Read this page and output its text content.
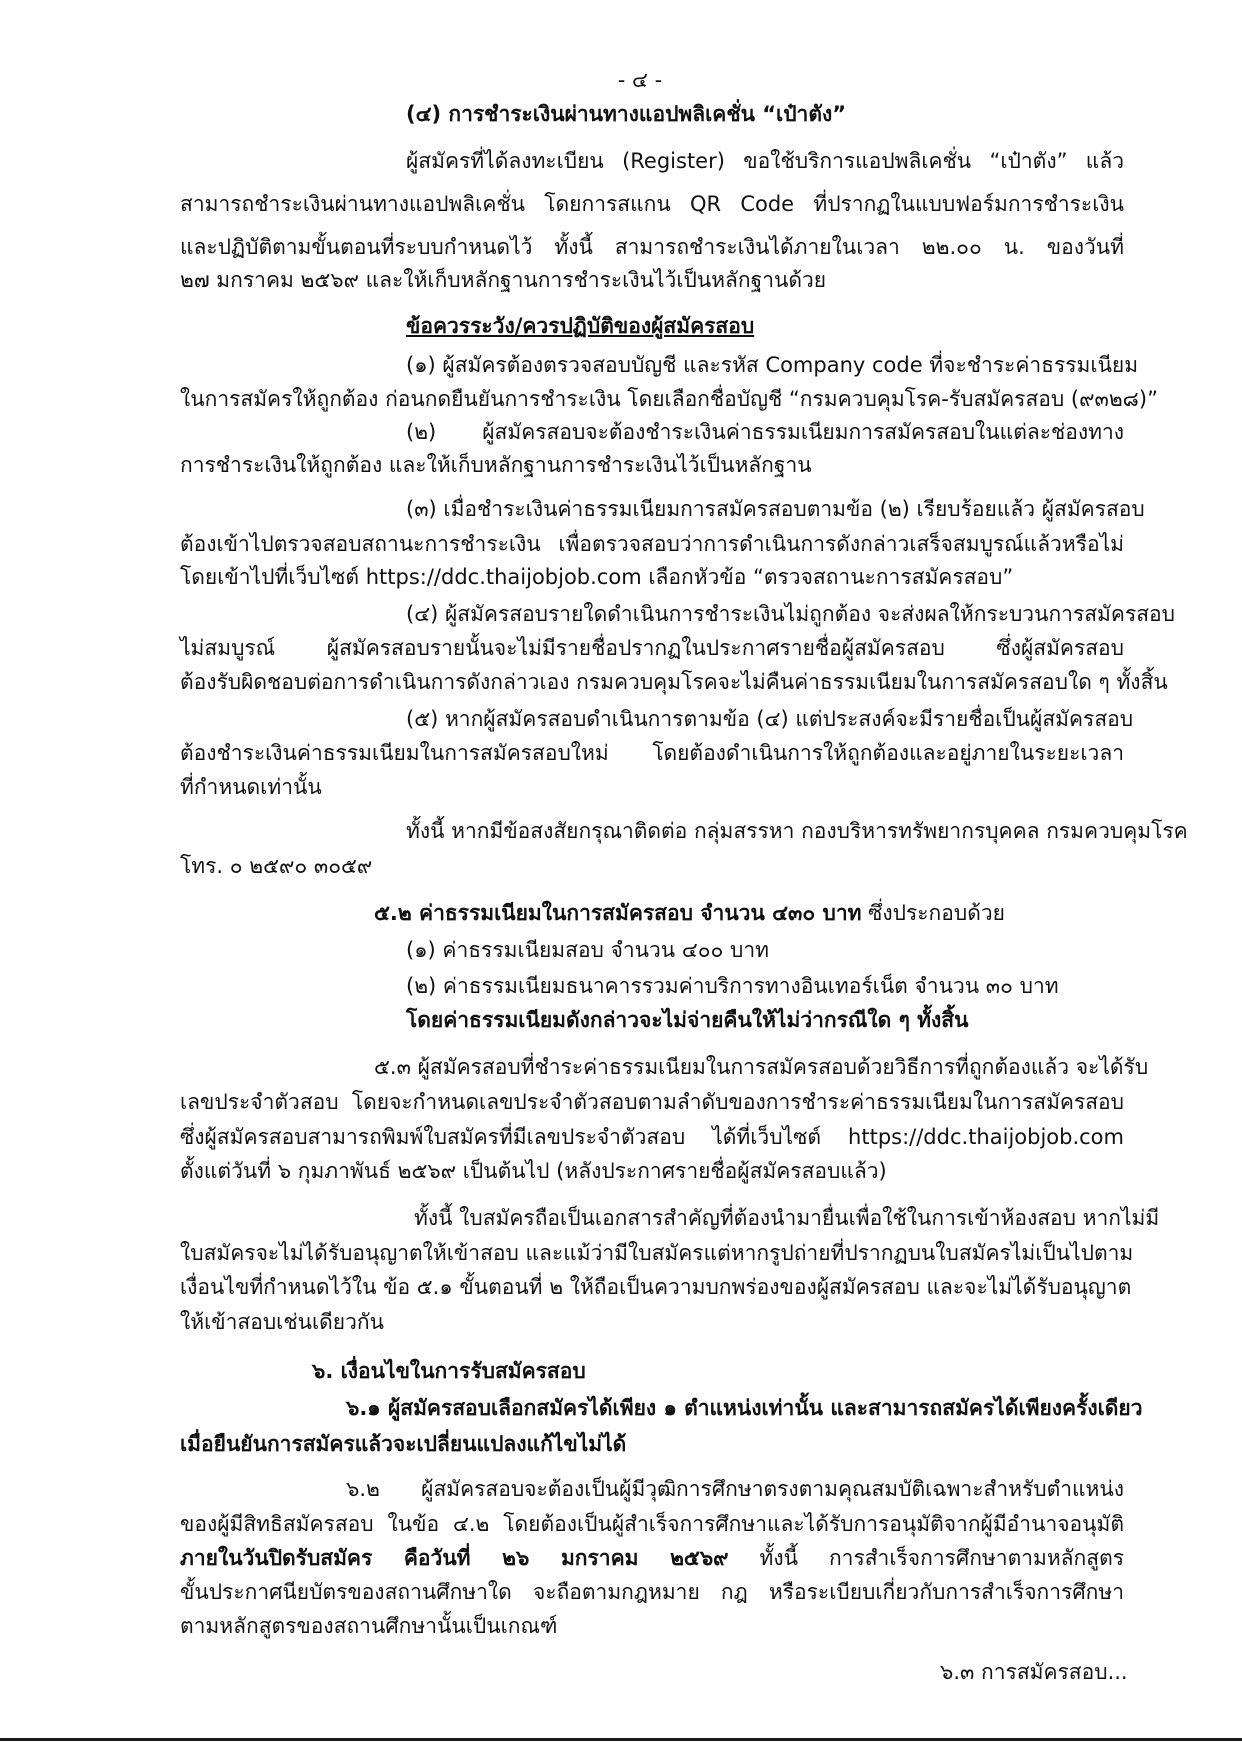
- ๔ -

(๔) การชำระเงินผ่านทางแอปพลิเคชั่น “เป๋าตัง”

ผู้สมัครที่ได้ลงทะเบียน (Register) ขอใช้บริการแอปพลิเคชั่น “เป๋าตัง” แล้ว

สามารถชำระเงินผ่านทางแอปพลิเคชั่น โดยการสแกน QR Code ที่ปรากฏในแบบฟอร์มการชำระเงิน

และปฏิบัติตามขั้นตอนที่ระบบกำหนดไว้ ทั้งนี้ สามารถชำระเงินได้ภายในเวลา ๒๒.๐๐ น. ของวันที่

๒๗ มกราคม ๒๕๖๙ และให้เก็บหลักฐานการชำระเงินไว้เป็นหลักฐานด้วย

ข้อควรระวัง/ควรปฏิบัติของผู้สมัครสอบ

(๑) ผู้สมัครต้องตรวจสอบบัญชี และรหัส Company code ที่จะชำระค่าธรรมเนียม

ในการสมัครให้ถูกต้อง ก่อนกดยืนยันการชำระเงิน โดยเลือกชื่อบัญชี “กรมควบคุมโรค-รับสมัครสอบ (๙๓๒๘)”

(๒) ผู้สมัครสอบจะต้องชำระเงินค่าธรรมเนียมการสมัครสอบในแต่ละช่องทาง

การชำระเงินให้ถูกต้อง และให้เก็บหลักฐานการชำระเงินไว้เป็นหลักฐาน

(๓) เมื่อชำระเงินค่าธรรมเนียมการสมัครสอบตามข้อ (๒) เรียบร้อยแล้ว ผู้สมัครสอบ

ต้องเข้าไปตรวจสอบสถานะการชำระเงิน เพื่อตรวจสอบว่าการดำเนินการดังกล่าวเสร็จสมบูรณ์แล้วหรือไม่

โดยเข้าไปที่เว็บไซต์ https://ddc.thaijobjob.com เลือกหัวข้อ “ตรวจสถานะการสมัครสอบ”

(๔) ผู้สมัครสอบรายใดดำเนินการชำระเงินไม่ถูกต้อง จะส่งผลให้กระบวนการสมัครสอบ

ไม่สมบูรณ์ ผู้สมัครสอบรายนั้นจะไม่มีรายชื่อปรากฏในประกาศรายชื่อผู้สมัครสอบ ซึ่งผู้สมัครสอบ

ต้องรับผิดชอบต่อการดำเนินการดังกล่าวเอง กรมควบคุมโรคจะไม่คืนค่าธรรมเนียมในการสมัครสอบใด ๆ ทั้งสิ้น

(๕) หากผู้สมัครสอบดำเนินการตามข้อ (๔) แต่ประสงค์จะมีรายชื่อเป็นผู้สมัครสอบ

ต้องชำระเงินค่าธรรมเนียมในการสมัครสอบใหม่ โดยต้องดำเนินการให้ถูกต้องและอยู่ภายในระยะเวลา

ที่กำหนดเท่านั้น

ทั้งนี้ หากมีข้อสงสัยกรุณาติดต่อ กลุ่มสรรหา กองบริหารทรัพยากรบุคคล กรมควบคุมโรค

โทร. ๐ ๒๕๙๐ ๓๐๕๙

๕.๒ ค่าธรรมเนียมในการสมัครสอบ จำนวน ๔๓๐ บาท ซึ่งประกอบด้วย

(๑) ค่าธรรมเนียมสอบ จำนวน ๔๐๐ บาท

(๒) ค่าธรรมเนียมธนาคารรวมค่าบริการทางอินเทอร์เน็ต จำนวน ๓๐ บาท

โดยค่าธรรมเนียมดังกล่าวจะไม่จ่ายคืนให้ไม่ว่ากรณีใด ๆ ทั้งสิ้น

๕.๓ ผู้สมัครสอบที่ชำระค่าธรรมเนียมในการสมัครสอบด้วยวิธีการที่ถูกต้องแล้ว จะได้รับ

เลขประจำตัวสอบ โดยจะกำหนดเลขประจำตัวสอบตามลำดับของการชำระค่าธรรมเนียมในการสมัครสอบ

ซึ่งผู้สมัครสอบสามารถพิมพ์ใบสมัครที่มีเลขประจำตัวสอบ ได้ที่เว็บไซต์ https://ddc.thaijobjob.com

ตั้งแต่วันที่ ๖ กุมภาพันธ์ ๒๕๖๙ เป็นต้นไป (หลังประกาศรายชื่อผู้สมัครสอบแล้ว)

ทั้งนี้ ใบสมัครถือเป็นเอกสารสำคัญที่ต้องนำมายื่นเพื่อใช้ในการเข้าห้องสอบ หากไม่มี

ใบสมัครจะไม่ได้รับอนุญาตให้เข้าสอบ และแม้ว่ามีใบสมัครแต่หากรูปถ่ายที่ปรากฏบนใบสมัครไม่เป็นไปตาม

เงื่อนไขที่กำหนดไว้ใน ข้อ ๕.๑ ขั้นตอนที่ ๒ ให้ถือเป็นความบกพร่องของผู้สมัครสอบ และจะไม่ได้รับอนุญาต

ให้เข้าสอบเช่นเดียวกัน

๖. เงื่อนไขในการรับสมัครสอบ

๖.๑ ผู้สมัครสอบเลือกสมัครได้เพียง ๑ ตำแหน่งเท่านั้น และสามารถสมัครได้เพียงครั้งเดียว

เมื่อยืนยันการสมัครแล้วจะเปลี่ยนแปลงแก้ไขไม่ได้

๖.๒ ผู้สมัครสอบจะต้องเป็นผู้มีวุฒิการศึกษาตรงตามคุณสมบัติเฉพาะสำหรับตำแหน่ง

ของผู้มีสิทธิสมัครสอบ ในข้อ ๔.๒ โดยต้องเป็นผู้สำเร็จการศึกษาและได้รับการอนุมัติจากผู้มีอำนาจอนุมัติ

ภายในวันปิดรับสมัคร คือวันที่ ๒๖ มกราคม ๒๕๖๙ ทั้งนี้ การสำเร็จการศึกษาตามหลักสูตร

ขั้นประกาศนียบัตรของสถานศึกษาใด จะถือตามกฎหมาย กฎ หรือระเบียบเกี่ยวกับการสำเร็จการศึกษา

ตามหลักสูตรของสถานศึกษานั้นเป็นเกณฑ์

๖.๓ การสมัครสอบ...
